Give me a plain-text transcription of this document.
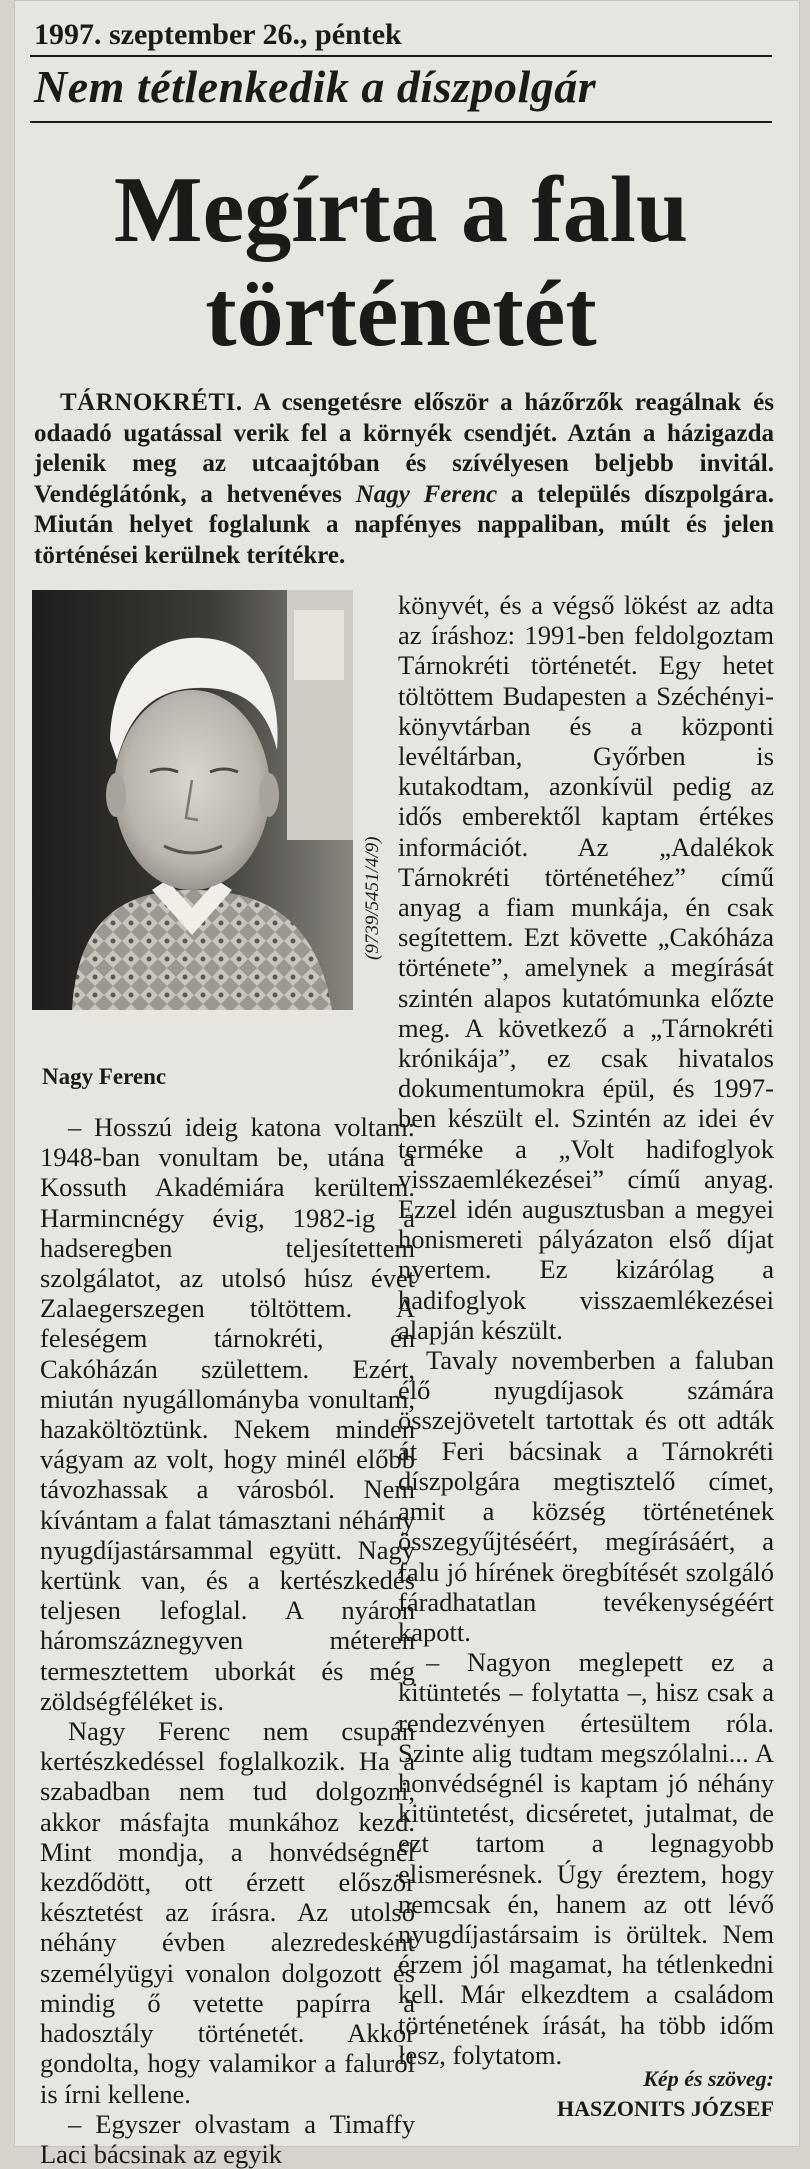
1997. szeptember 26., péntek
Nem tétlenkedik a díszpolgár
Megírta a falu történetét

TÁRNOKRÉTI. A csengetésre először a házőrzők reagálnak és odaadó ugatással verik fel a környék csendjét. Aztán a házigazda jelenik meg az utcaajtóban és szívélyesen beljebb invitál. Vendéglátónk, a hetvenéves Nagy Ferenc a település díszpolgára. Miután helyet foglalunk a napfényes nappaliban, múlt és jelen történései kerülnek terítékre.

Nagy Ferenc

– Hosszú ideig katona voltam: 1948-ban vonultam be, utána a Kossuth Akadémiára kerültem. Harmincnégy évig, 1982-ig a hadseregben teljesítettem szolgálatot, az utolsó húsz évet Zalaegerszegen töltöttem. A feleségem tárnokréti, én Cakóházán születtem. Ezért, miután nyugállományba vonultam, hazaköltöztünk. Nekem minden vágyam az volt, hogy minél előbb távozhassak a városból. Nem kívántam a falat támasztani néhány nyugdíjastársammal együtt. Nagy kertünk van, és a kertészkedés teljesen lefoglal. A nyáron háromszáznegyven méteren termesztettem uborkát és még zöldségféléket is.

Nagy Ferenc nem csupán kertészkedéssel foglalkozik. Ha a szabadban nem tud dolgozni, akkor másfajta munkához kezd. Mint mondja, a honvédségnél kezdődött, ott érzett először késztetést az írásra. Az utolsó néhány évben alezredesként személyügyi vonalon dolgozott és mindig ő vetette papírra a hadosztály történetét. Akkor gondolta, hogy valamikor a faluról is írni kellene.

– Egyszer olvastam a Timaffy Laci bácsinak az egyik

könyvét, és a végső lökést az adta az íráshoz: 1991-ben feldolgoztam Tárnokréti történetét. Egy hetet töltöttem Budapesten a Széchényi-könyvtárban és a központi levéltárban, Győrben is kutakodtam, azonkívül pedig az idős emberektől kaptam értékes információt. Az „Adalékok Tárnokréti történetéhez” című anyag a fiam munkája, én csak segítettem. Ezt követte „Cakóháza története”, amelynek a megírását szintén alapos kutatómunka előzte meg. A következő a „Tárnokréti krónikája”, ez csak hivatalos dokumentumokra épül, és 1997-ben készült el. Szintén az idei év terméke a „Volt hadifoglyok visszaemlékezései” című anyag. Ezzel idén augusztusban a megyei honismereti pályázaton első díjat nyertem. Ez kizárólag a hadifoglyok visszaemlékezései alapján készült.

Tavaly novemberben a faluban élő nyugdíjasok számára összejövetelt tartottak és ott adták át Feri bácsinak a Tárnokréti díszpolgára megtisztelő címet, amit a község történetének összegyűjtéséért, megírásáért, a falu jó hírének öregbítését szolgáló fáradhatatlan tevékenységéért kapott.

– Nagyon meglepett ez a kitüntetés – folytatta –, hisz csak a rendezvényen értesültem róla. Szinte alig tudtam megszólalni... A honvédségnél is kaptam jó néhány kitüntetést, dicséretet, jutalmat, de ezt tartom a legnagyobb elismerésnek. Úgy éreztem, hogy nemcsak én, hanem az ott lévő nyugdíjastársaim is örültek. Nem érzem jól magamat, ha tétlenkedni kell. Már elkezdtem a családom történetének írását, ha több időm lesz, folytatom.

Kép és szöveg:
HASZONITS JÓZSEF
